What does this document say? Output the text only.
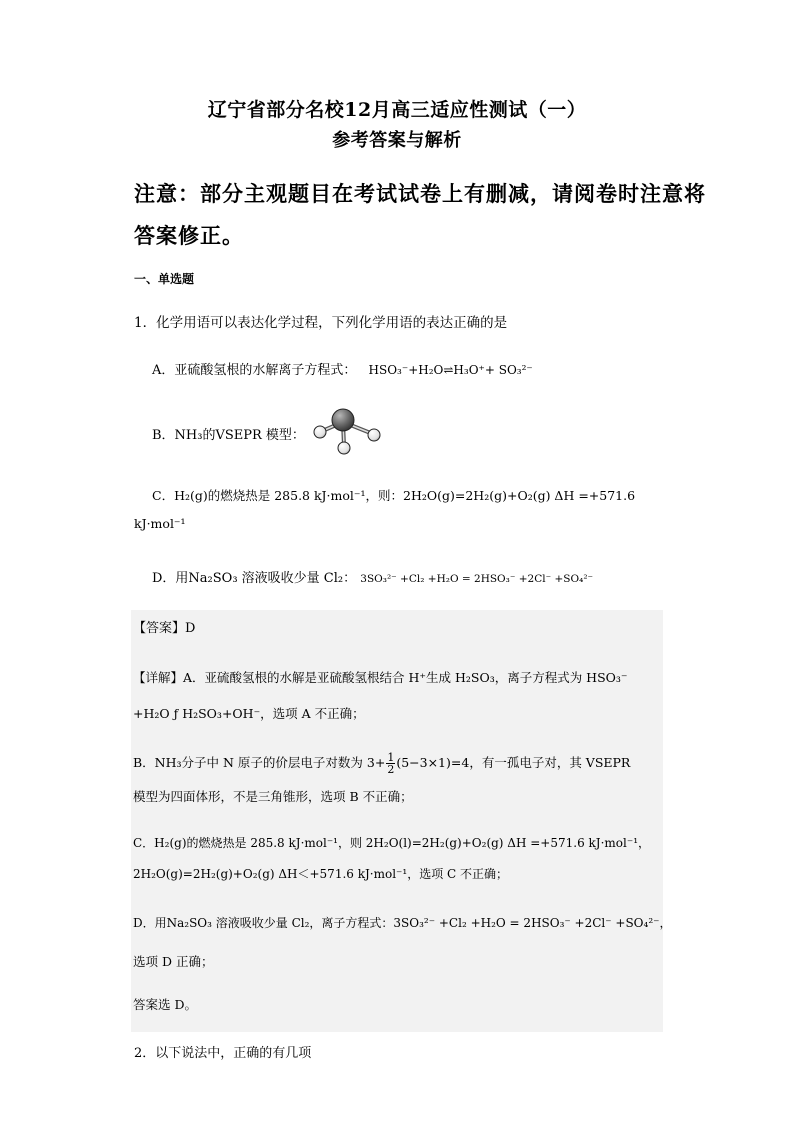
辽宁省部分名校12月高三适应性测试（一）
参考答案与解析
注意：部分主观题目在考试试卷上有删减，请阅卷时注意将
答案修正。
一、单选题
1．化学用语可以表达化学过程，下列化学用语的表达正确的是
A．亚硫酸氢根的水解离子方程式： HSO₃⁻+H₂O⇌H₃O⁺+ SO₃²⁻
B．NH₃的VSEPR 模型：
C．H₂(g)的燃烧热是 285.8 kJ·mol⁻¹，则：2H₂O(g)=2H₂(g)+O₂(g) ΔH =+571.6
kJ·mol⁻¹
D．用Na₂SO₃ 溶液吸收少量 Cl₂： 3SO₃²⁻ +Cl₂ +H₂O = 2HSO₃⁻ +2Cl⁻ +SO₄²⁻
【答案】D
【详解】A．亚硫酸氢根的水解是亚硫酸氢根结合 H⁺生成 H₂SO₃，离子方程式为 HSO₃⁻
+H₂O ƒ H₂SO₃+OH⁻，选项 A 不正确；
B．NH₃分子中 N 原子的价层电子对数为 $3+ \frac{1}{2} (5-3\times 1)=4$，有一孤电子对，其 VSEPR
模型为四面体形，不是三角锥形，选项 B 不正确；
C．H₂(g)的燃烧热是 285.8 kJ·mol⁻¹，则 2H₂O(l)=2H₂(g)+O₂(g) ΔH =+571.6 kJ·mol⁻¹，
2H₂O(g)=2H₂(g)+O₂(g) ΔH＜+571.6 kJ·mol⁻¹，选项 C 不正确；
D．用Na₂SO₃ 溶液吸收少量 Cl₂，离子方程式：3SO₃²⁻ +Cl₂ +H₂O = 2HSO₃⁻ +2Cl⁻ +SO₄²⁻，
选项 D 正确；
答案选 D。
2．以下说法中，正确的有几项
